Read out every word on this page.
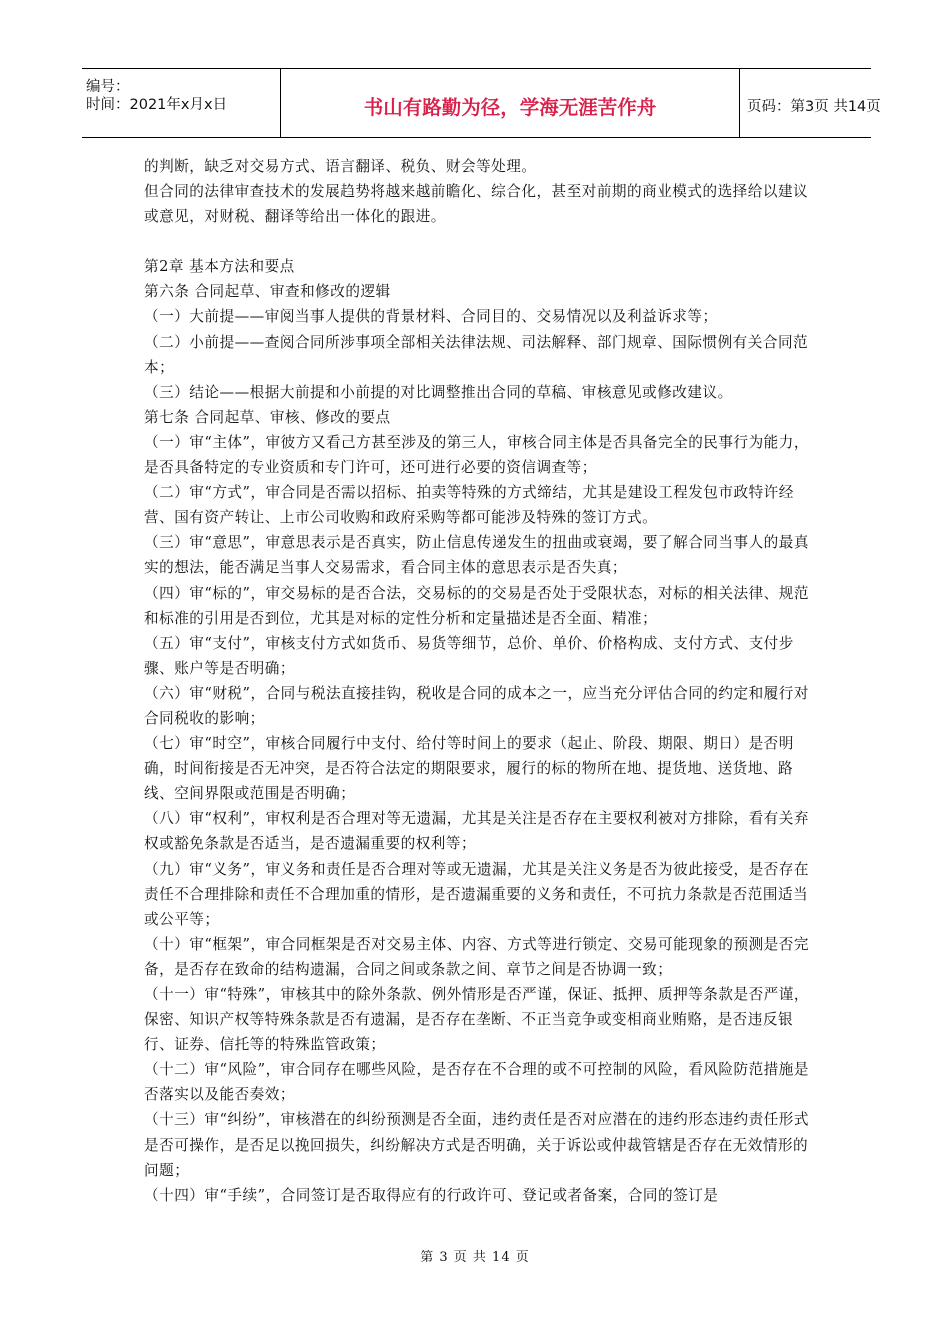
编号：
时间：2021年x月x日	书山有路勤为径，学海无涯苦作舟	页码：第3页 共14页

的判断，缺乏对交易方式、语言翻译、税负、财会等处理。

但合同的法律审查技术的发展趋势将越来越前瞻化、综合化，甚至对前期的商业模式的选择给以建议或意见，对财税、翻译等给出一体化的跟进。

第2章 基本方法和要点

第六条 合同起草、审查和修改的逻辑

（一）大前提——审阅当事人提供的背景材料、合同目的、交易情况以及利益诉求等；

（二）小前提——查阅合同所涉事项全部相关法律法规、司法解释、部门规章、国际惯例有关合同范本；

（三）结论——根据大前提和小前提的对比调整推出合同的草稿、审核意见或修改建议。

第七条 合同起草、审核、修改的要点

（一）审“主体”，审彼方又看己方甚至涉及的第三人，审核合同主体是否具备完全的民事行为能力，是否具备特定的专业资质和专门许可，还可进行必要的资信调查等；

（二）审“方式”，审合同是否需以招标、拍卖等特殊的方式缔结，尤其是建设工程发包市政特许经营、国有资产转让、上市公司收购和政府采购等都可能涉及特殊的签订方式。

（三）审“意思”，审意思表示是否真实，防止信息传递发生的扭曲或衰竭，要了解合同当事人的最真实的想法，能否满足当事人交易需求，看合同主体的意思表示是否失真；

（四）审“标的”，审交易标的是否合法，交易标的的交易是否处于受限状态，对标的相关法律、规范和标准的引用是否到位，尤其是对标的定性分析和定量描述是否全面、精准；

（五）审“支付”，审核支付方式如货币、易货等细节，总价、单价、价格构成、支付方式、支付步骤、账户等是否明确；

（六）审“财税”，合同与税法直接挂钩，税收是合同的成本之一，应当充分评估合同的约定和履行对合同税收的影响；

（七）审“时空”，审核合同履行中支付、给付等时间上的要求（起止、阶段、期限、期日）是否明确，时间衔接是否无冲突，是否符合法定的期限要求，履行的标的物所在地、提货地、送货地、路线、空间界限或范围是否明确；

（八）审“权利”，审权利是否合理对等无遗漏，尤其是关注是否存在主要权利被对方排除，看有关弃权或豁免条款是否适当，是否遗漏重要的权利等；

（九）审“义务”，审义务和责任是否合理对等或无遗漏，尤其是关注义务是否为彼此接受，是否存在责任不合理排除和责任不合理加重的情形，是否遗漏重要的义务和责任，不可抗力条款是否范围适当或公平等；

（十）审“框架”，审合同框架是否对交易主体、内容、方式等进行锁定、交易可能现象的预测是否完备，是否存在致命的结构遗漏，合同之间或条款之间、章节之间是否协调一致；

（十一）审“特殊”，审核其中的除外条款、例外情形是否严谨，保证、抵押、质押等条款是否严谨，保密、知识产权等特殊条款是否有遗漏，是否存在垄断、不正当竞争或变相商业贿赂，是否违反银行、证券、信托等的特殊监管政策；

（十二）审“风险”，审合同存在哪些风险，是否存在不合理的或不可控制的风险，看风险防范措施是否落实以及能否奏效；

（十三）审“纠纷”，审核潜在的纠纷预测是否全面，违约责任是否对应潜在的违约形态违约责任形式是否可操作，是否足以挽回损失，纠纷解决方式是否明确，关于诉讼或仲裁管辖是否存在无效情形的问题；

（十四）审“手续”，合同签订是否取得应有的行政许可、登记或者备案，合同的签订是

第 3 页 共 14 页
